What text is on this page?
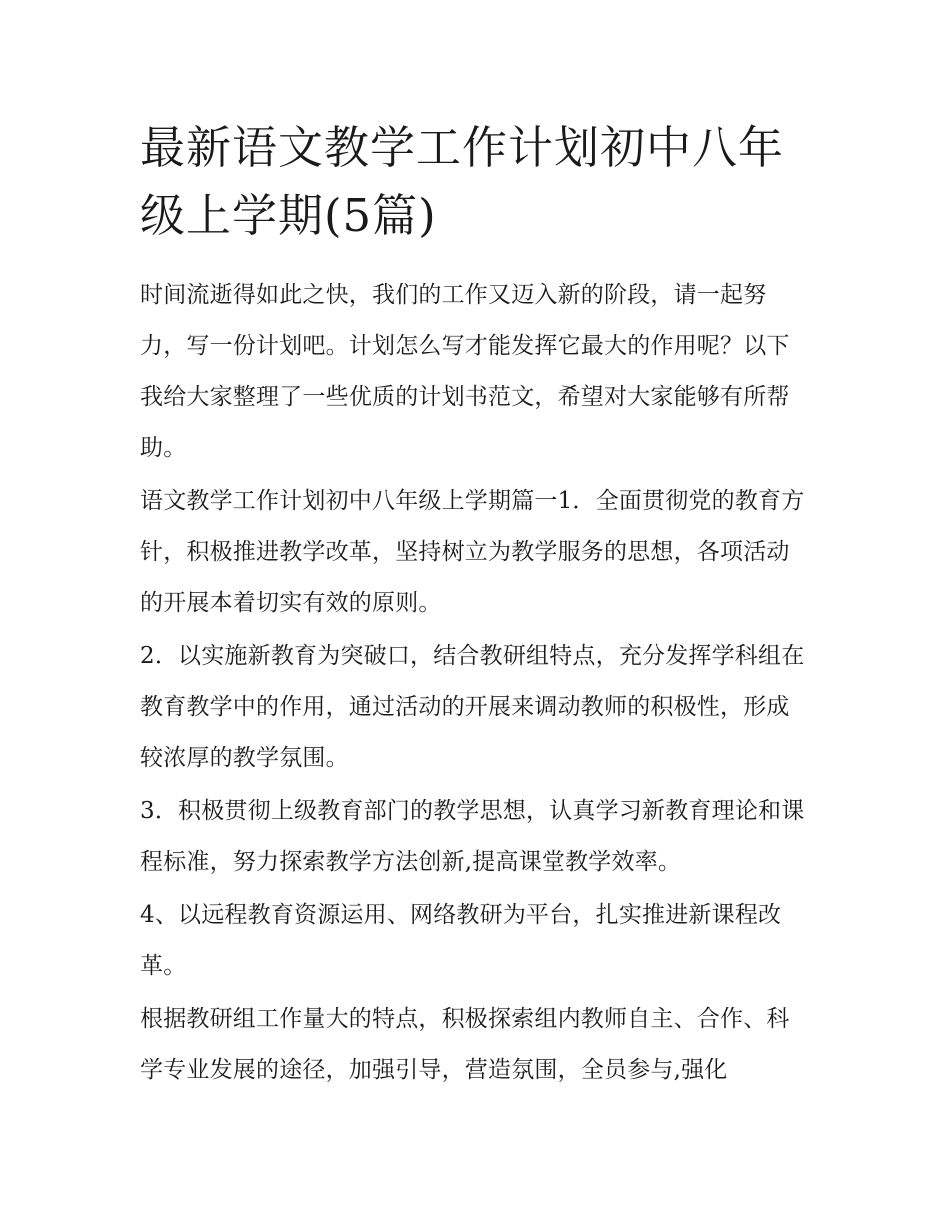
最新语文教学工作计划初中八年级上学期(5篇)

时间流逝得如此之快，我们的工作又迈入新的阶段，请一起努力，写一份计划吧。计划怎么写才能发挥它最大的作用呢？以下我给大家整理了一些优质的计划书范文，希望对大家能够有所帮助。

语文教学工作计划初中八年级上学期篇一1．全面贯彻党的教育方针，积极推进教学改革，坚持树立为教学服务的思想，各项活动的开展本着切实有效的原则。

2．以实施新教育为突破口，结合教研组特点，充分发挥学科组在教育教学中的作用，通过活动的开展来调动教师的积极性，形成较浓厚的教学氛围。

3．积极贯彻上级教育部门的教学思想，认真学习新教育理论和课程标准，努力探索教学方法创新,提高课堂教学效率。

4、以远程教育资源运用、网络教研为平台，扎实推进新课程改革。

根据教研组工作量大的特点，积极探索组内教师自主、合作、科学专业发展的途径，加强引导，营造氛围，全员参与,强化
